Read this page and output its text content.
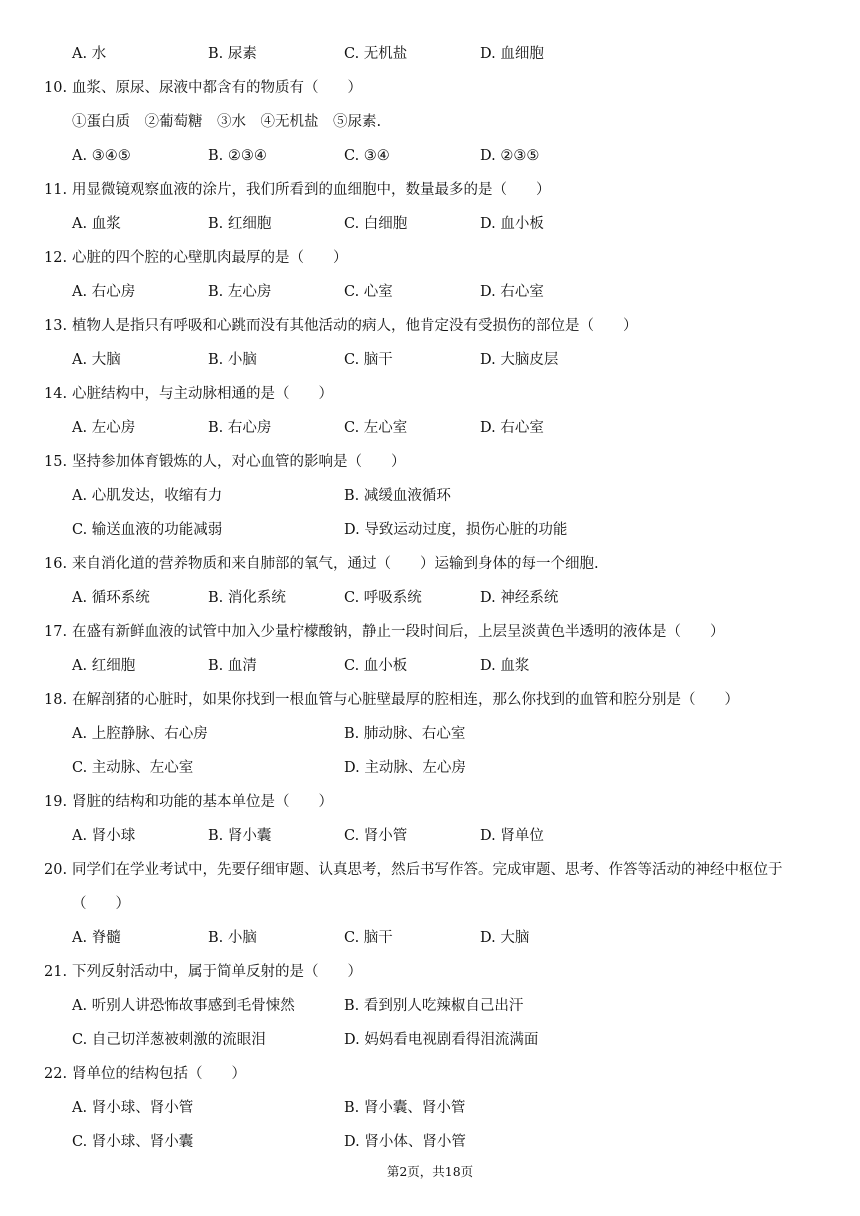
第2页，共18页
A. 水	B. 尿素	C. 无机盐	D. 血细胞
10. 血浆、原尿、尿液中都含有的物质有（　　）
①蛋白质　②葡萄糖　③水　④无机盐　⑤尿素.
A. ③④⑤	B. ②③④	C. ③④	D. ②③⑤
11. 用显微镜观察血液的涂片，我们所看到的血细胞中，数量最多的是（　　）
A. 血浆	B. 红细胞	C. 白细胞	D. 血小板
12. 心脏的四个腔的心壁肌肉最厚的是（　　）
A. 右心房	B. 左心房	C. 心室	D. 右心室
13. 植物人是指只有呼吸和心跳而没有其他活动的病人，他肯定没有受损伤的部位是（　　）
A. 大脑	B. 小脑	C. 脑干	D. 大脑皮层
14. 心脏结构中，与主动脉相通的是（　　）
A. 左心房	B. 右心房	C. 左心室	D. 右心室
15. 坚持参加体育锻炼的人，对心血管的影响是（　　）
A. 心肌发达，收缩有力	B. 减缓血液循环
C. 输送血液的功能减弱	D. 导致运动过度，损伤心脏的功能
16. 来自消化道的营养物质和来自肺部的氧气，通过（　　）运输到身体的每一个细胞.
A. 循环系统	B. 消化系统	C. 呼吸系统	D. 神经系统
17. 在盛有新鲜血液的试管中加入少量柠檬酸钠，静止一段时间后，上层呈淡黄色半透明的液体是（　　）
A. 红细胞	B. 血清	C. 血小板	D. 血浆
18. 在解剖猪的心脏时，如果你找到一根血管与心脏壁最厚的腔相连，那么你找到的血管和腔分别是（　　）
A. 上腔静脉、右心房	B. 肺动脉、右心室
C. 主动脉、左心室	D. 主动脉、左心房
19. 肾脏的结构和功能的基本单位是（　　）
A. 肾小球	B. 肾小囊	C. 肾小管	D. 肾单位
20. 同学们在学业考试中，先要仔细审题、认真思考，然后书写作答。完成审题、思考、作答等活动的神经中枢位于
（　　）
A. 脊髓	B. 小脑	C. 脑干	D. 大脑
21. 下列反射活动中，属于简单反射的是（　　）
A. 听别人讲恐怖故事感到毛骨悚然	B. 看到别人吃辣椒自己出汗
C. 自己切洋葱被刺激的流眼泪	D. 妈妈看电视剧看得泪流满面
22. 肾单位的结构包括（　　）
A. 肾小球、肾小管	B. 肾小囊、肾小管
C. 肾小球、肾小囊	D. 肾小体、肾小管
